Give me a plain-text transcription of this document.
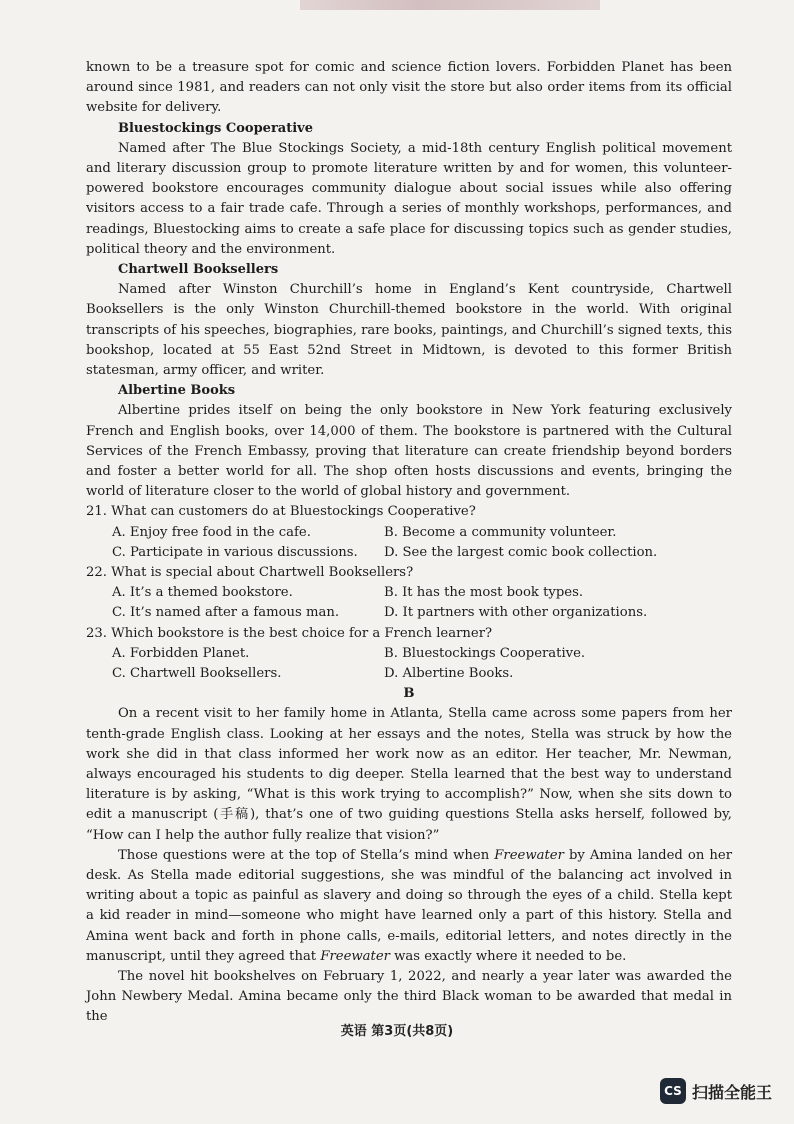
known to be a treasure spot for comic and science fiction lovers. Forbidden Planet has been around since 1981, and readers can not only visit the store but also order items from its official website for delivery.

Bluestockings Cooperative

Named after The Blue Stockings Society, a mid-18th century English political movement and literary discussion group to promote literature written by and for women, this volunteer-powered bookstore encourages community dialogue about social issues while also offering visitors access to a fair trade cafe. Through a series of monthly workshops, performances, and readings, Bluestocking aims to create a safe place for discussing topics such as gender studies, political theory and the environment.

Chartwell Booksellers

Named after Winston Churchill’s home in England’s Kent countryside, Chartwell Booksellers is the only Winston Churchill-themed bookstore in the world. With original transcripts of his speeches, biographies, rare books, paintings, and Churchill’s signed texts, this bookshop, located at 55 East 52nd Street in Midtown, is devoted to this former British statesman, army officer, and writer.

Albertine Books

Albertine prides itself on being the only bookstore in New York featuring exclusively French and English books, over 14,000 of them. The bookstore is partnered with the Cultural Services of the French Embassy, proving that literature can create friendship beyond borders and foster a better world for all. The shop often hosts discussions and events, bringing the world of literature closer to the world of global history and government.

21. What can customers do at Bluestockings Cooperative?

A. Enjoy free food in the cafe.	B. Become a community volunteer.
C. Participate in various discussions.	D. See the largest comic book collection.

22. What is special about Chartwell Booksellers?

A. It’s a themed bookstore.	B. It has the most book types.
C. It’s named after a famous man.	D. It partners with other organizations.

23. Which bookstore is the best choice for a French learner?

A. Forbidden Planet.	B. Bluestockings Cooperative.
C. Chartwell Booksellers.	D. Albertine Books.

B

On a recent visit to her family home in Atlanta, Stella came across some papers from her tenth-grade English class. Looking at her essays and the notes, Stella was struck by how the work she did in that class informed her work now as an editor. Her teacher, Mr. Newman, always encouraged his students to dig deeper. Stella learned that the best way to understand literature is by asking, “What is this work trying to accomplish?” Now, when she sits down to edit a manuscript (手稿), that’s one of two guiding questions Stella asks herself, followed by, “How can I help the author fully realize that vision?”

Those questions were at the top of Stella’s mind when Freewater by Amina landed on her desk. As Stella made editorial suggestions, she was mindful of the balancing act involved in writing about a topic as painful as slavery and doing so through the eyes of a child. Stella kept a kid reader in mind—someone who might have learned only a part of this history. Stella and Amina went back and forth in phone calls, e-mails, editorial letters, and notes directly in the manuscript, until they agreed that Freewater was exactly where it needed to be.

The novel hit bookshelves on February 1, 2022, and nearly a year later was awarded the John Newbery Medal. Amina became only the third Black woman to be awarded that medal in the

英语 第3页(共8页)
CS 扫描全能王
